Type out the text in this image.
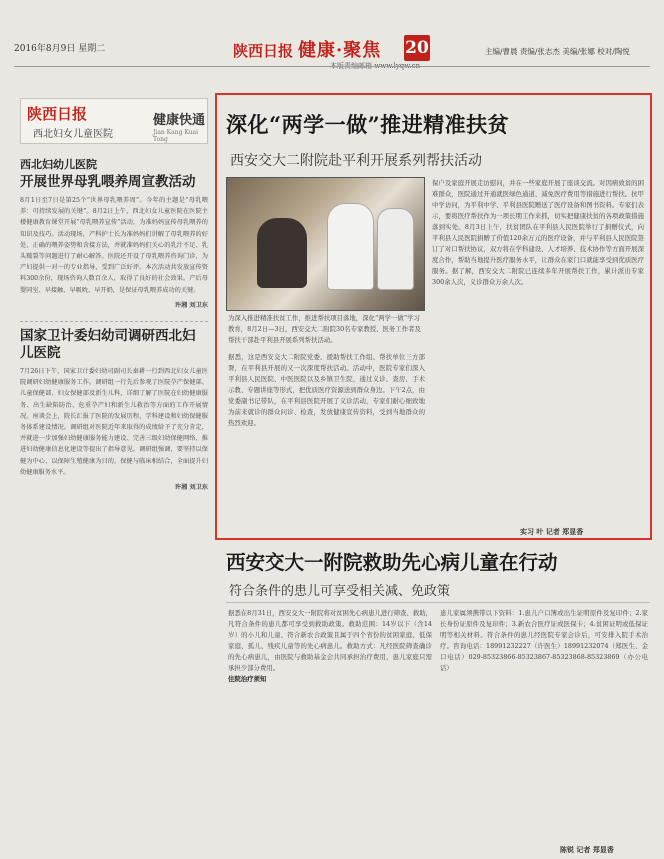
2016年8月9日 星期二	陕西日报 健康·聚焦
本版责编邮箱 www.lyqw.cn
20	主编/曹晨 责编/张志杰 美编/张娜 校对/陶悦
陕西日报
西北妇女儿童医院
健康快通
Jian Kang Kuai Tong
西北妇幼儿医院
开展世界母乳喂养周宣教活动
8月1日至7日是第25个“世界母乳喂养周”。今年的主题是“母乳喂养：可持续发展的关键”。8月2日上午，西北妇女儿童医院在医院主楼健康教育课堂开展“母乳喂养宣传”活动，为准妈妈宣传母乳喂养的知识及技巧。活动现场，产科护士长为准妈妈们讲解了母乳喂养的好处、正确的喂养姿势和含接方法，并就准妈妈们关心的乳汁不足、乳头皲裂等问题进行了耐心解答。医院还开设了母乳喂养咨询门诊，为产妇提供一对一的专业指导，受到广泛好评。本次活动共发放宣传资料300余份，现场咨询人数百余人，取得了良好的社会效果。产后母婴同室、早接触、早吸吮、早开奶，是保证母乳喂养成功的关键。
许湘 刘卫东
国家卫计委妇幼司调研西北妇儿医院
7月26日下午，国家卫计委妇幼司副司长秦耕一行到西北妇女儿童医院调研妇幼健康服务工作。调研组一行先后参观了医院孕产保健部、儿童保健部、妇女保健部及新生儿科，详细了解了医院在妇幼健康服务、出生缺陷防治、危重孕产妇和新生儿救治等方面的工作开展情况。座谈会上，院长汇报了医院的发展历程、学科建设和妇幼保健服务体系建设情况。调研组对医院近年来取得的成绩给予了充分肯定，并就进一步加强妇幼健康服务能力建设、完善三级妇幼保健网络、推进妇幼健康信息化建设等提出了指导意见。调研组强调，要坚持以保健为中心、以保障生殖健康为目的，保健与临床相结合，全面提升妇幼健康服务水平。
许湘 刘卫东
深化“两学一做”推进精准扶贫
西安交大二附院赴平利开展系列帮扶活动
为深入推进精准扶贫工作，推进帮扶项目落地，深化“两学一做”学习教育，8月2日—3日，西安交大二附院30名专家教授、医务工作者及帮扶干部赴平利县开展系列帮扶活动。
据悉，这是西安交大二附院党委、援助帮扶工作组、帮扶单位三方部署，在平利县开展的又一次深度帮扶活动。活动中，医院专家们深入平利县人民医院、中医医院以及乡镇卫生院，通过义诊、查房、手术示教、专题讲座等形式，把优质医疗资源送到群众身边。下午2点，由党委副书记带队，在平利县医院开展了义诊活动，专家们耐心细致地为前来就诊的群众问诊、检查，发放健康宣传资料，受到当地群众的热烈欢迎。
保户及家庭开展走访慰问，并在一些家庭开展了座谈交流。对因病致贫的困难群众，医院通过开通就医绿色通道、减免医疗费用等措施进行帮扶。抗甲中学访问，为平利中学、平利县医院赠送了医疗设备和图书资料。专家们表示，要将医疗帮扶作为一项长期工作来抓，切实把健康扶贫的各项政策措施落到实处。8月3日上午，扶贫团队在平利县人民医院举行了捐赠仪式，向平利县人民医院捐赠了价值120余万元的医疗设备，并与平利县人民医院签订了对口帮扶协议，双方将在学科建设、人才培养、技术协作等方面开展深度合作，帮助当地提升医疗服务水平，让群众在家门口就能享受到优质医疗服务。据了解，西安交大二附院已连续多年开展帮扶工作，累计派出专家300余人次，义诊群众万余人次。
实习 叶 记者 郑显香
西安交大一附院救助先心病儿童在行动
符合条件的患儿可享受相关减、免政策
据悉在8月31日，西安交大一附院将对贫困先心病患儿进行筛查、救助，凡符合条件的患儿都可享受到救助政策。救助范围：14岁以下（含14岁）的小儿和儿童、符合新农合政策且属于四个省份的贫困家庭、低保家庭、孤儿、残疾儿童等的先心病患儿。救助方式：凡经医院筛查确诊的先心病患儿，由医院与救助基金会共同承担治疗费用，患儿家庭只需承担少部分费用。
住院治疗须知
患儿家属须携带以下资料：1.患儿户口簿或出生证明原件及复印件；2.家长身份证原件及复印件；3.新农合医疗证或医保卡；4.贫困证明或低保证明等相关材料。符合条件的患儿经医院专家会诊后，可安排入院手术治疗。咨询电话：18991232227（许医生）18991232074（郑医生、金口电话）029-85323866-85323867-85323868-85323869（办公电话）
陈锐 记者 郑显香
